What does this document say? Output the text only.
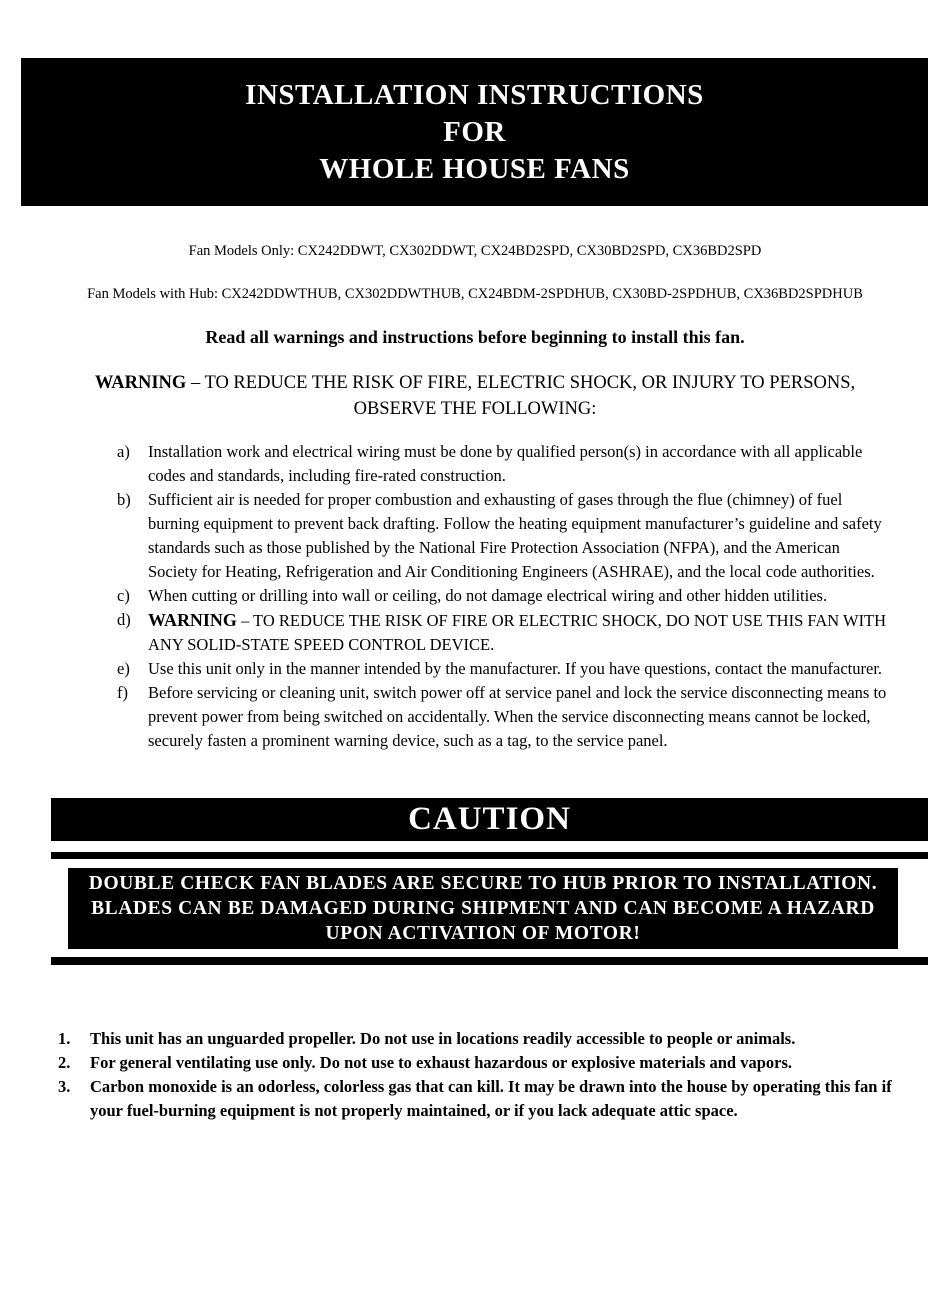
INSTALLATION INSTRUCTIONS
FOR
WHOLE HOUSE FANS

Fan Models Only: CX242DDWT, CX302DDWT, CX24BD2SPD, CX30BD2SPD, CX36BD2SPD

Fan Models with Hub: CX242DDWTHUB, CX302DDWTHUB, CX24BDM-2SPDHUB, CX30BD-2SPDHUB, CX36BD2SPDHUB

Read all warnings and instructions before beginning to install this fan.

WARNING – TO REDUCE THE RISK OF FIRE, ELECTRIC SHOCK, OR INJURY TO PERSONS, OBSERVE THE FOLLOWING:

a)	Installation work and electrical wiring must be done by qualified person(s) in accordance with all applicable codes and standards, including fire-rated construction.
b)	Sufficient air is needed for proper combustion and exhausting of gases through the flue (chimney) of fuel burning equipment to prevent back drafting. Follow the heating equipment manufacturer’s guideline and safety standards such as those published by the National Fire Protection Association (NFPA), and the American Society for Heating, Refrigeration and Air Conditioning Engineers (ASHRAE), and the local code authorities.
c)	When cutting or drilling into wall or ceiling, do not damage electrical wiring and other hidden utilities.
d) WARNING – TO REDUCE THE RISK OF FIRE OR ELECTRIC SHOCK, DO NOT USE THIS FAN WITH ANY SOLID-STATE SPEED CONTROL DEVICE.
e)	Use this unit only in the manner intended by the manufacturer. If you have questions, contact the manufacturer.
f)	Before servicing or cleaning unit, switch power off at service panel and lock the service disconnecting means to prevent power from being switched on accidentally. When the service disconnecting means cannot be locked, securely fasten a prominent warning device, such as a tag, to the service panel.
CAUTION
DOUBLE CHECK FAN BLADES ARE SECURE TO HUB PRIOR TO INSTALLATION.
BLADES CAN BE DAMAGED DURING SHIPMENT AND CAN BECOME A HAZARD
UPON ACTIVATION OF MOTOR!
1.	This unit has an unguarded propeller. Do not use in locations readily accessible to people or animals.
2.	For general ventilating use only. Do not use to exhaust hazardous or explosive materials and vapors.
3.	Carbon monoxide is an odorless, colorless gas that can kill. It may be drawn into the house by operating this fan if your fuel-burning equipment is not properly maintained, or if you lack adequate attic space.
